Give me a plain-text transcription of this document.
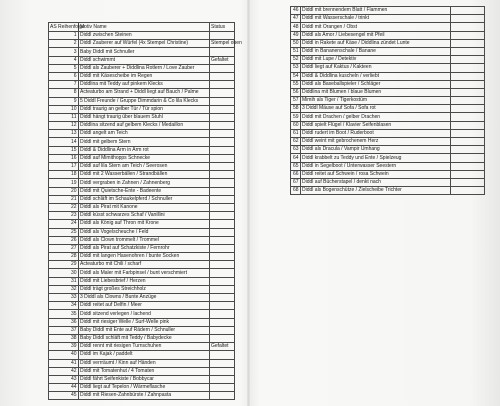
AS Reihenfolge	Motiv Name	Status
1	Diddl zwischen Steinen	
2	Diddl Zauberer auf Würfel (4x Stempel Christine)	Stempel oben
3	Baby Diddl mit Schnuller	
4	Diddl schwimmt	Gefaltet
5	Diddl als Zauberer + Diddlina Rotlern / Love Zauber	
6	Diddl mit Käsescheibe im Regen	
7	Diddlina mit Teddy auf pinkem Klecks	
8	Acteaturbo am Strand + Diddl liegt auf Bauch / Palme	
9	5 Diddl Freunde / Gruppe Dimmdarin & Co lila Klecks	
10	Diddl traurig an gelber Tür / Tür spion	
11	Diddl hängt traurig über blauem Stuhl	
12	Diddlina sitzend auf gelbem Klecks / Medaillon	
13	Diddl angelt am Teich	
14	Diddl mit gelbem Stern	
15	Diddl & Diddlina Arm in Arm rot	
16	Diddl auf Mimithopps Schnecke	
17	Diddl auf lila Stern am Teich / Seerosen	
18	Diddl mit 2 Wasserbällen / Strandbällen	
19	Diddl vergraben in Zahnen / Zahnenberg	
20	Diddl mit Quietsche-Ente - Badeente	
21	Diddl schläft im Schaukelpferd / Schnuller	
22	Diddl als Pirat mit Kanone	
23	Diddl küsst schwarzes Schaf / Vanillini	
24	Diddl als König auf Thron mit Krone	
25	Diddl als Vogelscheuche / Feld	
26	Diddl als Clown trommelt / Trommel	
27	Diddl als Pirat auf Schatzkiste / Fernrohr	
28	Diddl mit langen Hasenohren / bunte Socken	
29	Acteaturbo mit Chili / scharf	
30	Diddl als Maler mit Farbpinsel / bunt verschmiert	
31	Diddl mit Liebesbrief / Herzen	
32	Diddl trägt großes Streichholz	
33	3 Diddl als Clowns / Bunte Anzüge	
34	Diddl reitet auf Delfin / Meer	
35	Diddl sitzend verlegen / lachend	
36	Diddl mit riesiger Welle / Surf-Welle pink	
37	Baby Diddl mit Ente auf Rädern / Schnuller	
38	Baby Diddl schläft mit Teddy / Babydecke	
39	Diddl rennt mit riesigen Turnschuhen	Gefaltet
40	Diddl im Kajak / paddelt	
41	Diddl verrräumt / Kinn auf Händen	
42	Diddl mit Tomatenhut / 4 Tomaten	
43	Diddl fährt Seifenkiste / Bobbycar	
44	Diddl liegt auf Tepelon / Wärmeflasche	
45	Diddl mit Riesen-Zahnbürste / Zahnpasta	
46	Diddl mit brennendem Blatt / Flammen	
47	Diddl mit Wasserschale / trinkt	
48	Diddl mit Orangen / Obst	
49	Diddl als Amor / Liebesengel mit Pfeil	
50	Diddl in Rakete auf Käse / Diddlina zündet Lunte	
51	Diddl in Bananenschale / Banane	
52	Diddl mit Lupe / Detektiv	
53	Diddl liegt auf Kaktus / Kakteen	
54	Diddl & Diddlina kuscheln / verliebt	
55	Diddl als Baseballspieler / Schläger	
56	Diddlina mit Blumen / blaue Blumen	
57	Mimih als Tiger / Tigerkostüm	
58	3 Diddl Mäuse auf Sofa / Sofa rot	
59	Diddl mit Drachen / gelber Drachen	
60	Diddl spielt Flügel / Klavier Seifenblasen	
61	Diddl rudert im Boot / Ruderboot	
62	Diddl weint mit gebrochenem Herz	
63	Diddl als Dracula / Vampir Umhang	
64	Diddl krabbelt zu Teddy und Ente / Spielzeug	
65	Diddl in Segelboot / Unterwasser Seestern	
66	Diddl reitet auf Schwein / rosa Schwein	
67	Diddl auf Bücherstapel / denkt nach	
68	Diddl als Bogenschütze / Zielscheibe Trichter	
